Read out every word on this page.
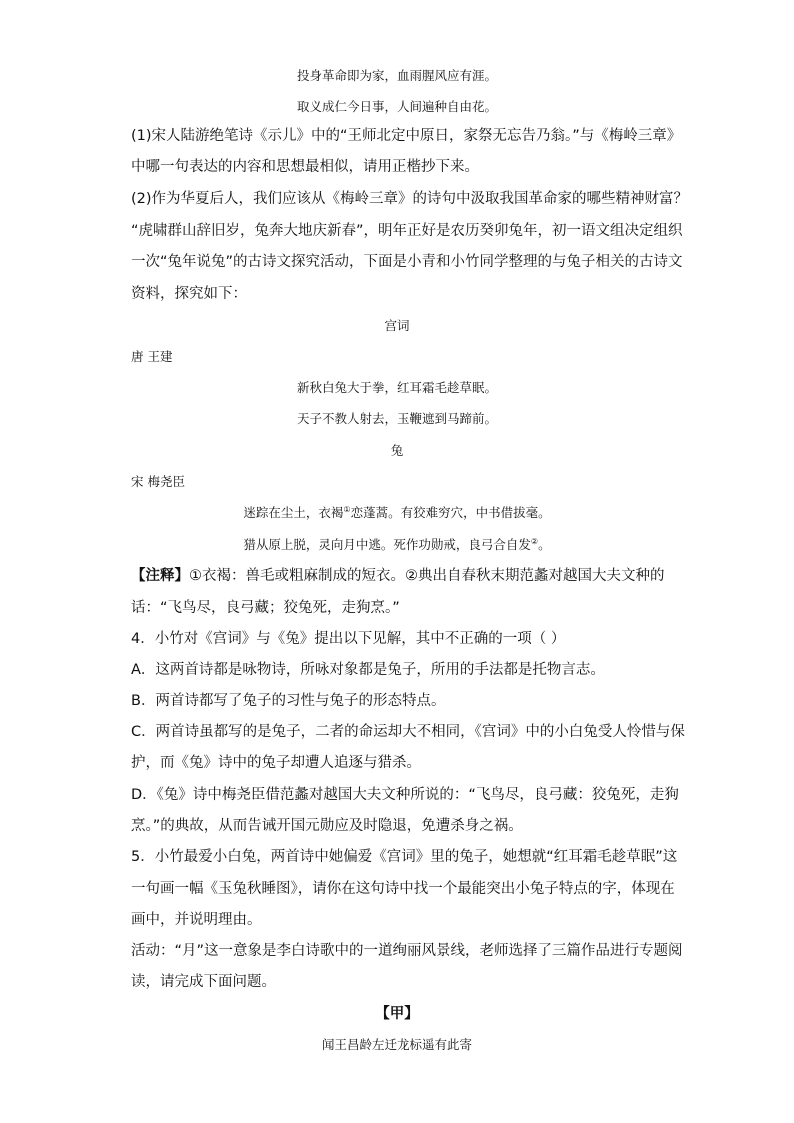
投身革命即为家，血雨腥风应有涯。
取义成仁今日事，人间遍种自由花。
(1)宋人陆游绝笔诗《示儿》中的“王师北定中原日，家祭无忘告乃翁。”与《梅岭三章》
中哪一句表达的内容和思想最相似，请用正楷抄下来。
(2)作为华夏后人，我们应该从《梅岭三章》的诗句中汲取我国革命家的哪些精神财富？
“虎啸群山辞旧岁，兔奔大地庆新春”，明年正好是农历癸卯兔年，初一语文组决定组织
一次“兔年说兔”的古诗文探究活动，下面是小青和小竹同学整理的与兔子相关的古诗文
资料，探究如下：
宫词
唐 王建
新秋白兔大于拳，红耳霜毛趁草眠。
天子不教人射去，玉鞭遮到马蹄前。
兔
宋 梅尧臣
迷踪在尘土，衣褐①恋蓬蒿。有狡难穷穴，中书借拔毫。
猎从原上脱，灵向月中逃。死作功勋戒，良弓合自发②。
【注释】①衣褐：兽毛或粗麻制成的短衣。②典出自春秋末期范蠡对越国大夫文种的
话：“飞鸟尽，良弓藏；狡兔死，走狗烹。”
4．小竹对《宫词》与《兔》提出以下见解，其中不正确的一项（ ）
A．这两首诗都是咏物诗，所咏对象都是兔子，所用的手法都是托物言志。
B．两首诗都写了兔子的习性与兔子的形态特点。
C．两首诗虽都写的是兔子，二者的命运却大不相同，《宫词》中的小白兔受人怜惜与保
护，而《兔》诗中的兔子却遭人追逐与猎杀。
D．《兔》诗中梅尧臣借范蠡对越国大夫文种所说的：“飞鸟尽，良弓藏：狡兔死，走狗
烹。”的典故，从而告诫开国元勋应及时隐退，免遭杀身之祸。
5．小竹最爱小白兔，两首诗中她偏爱《宫词》里的兔子，她想就“红耳霜毛趁草眠”这
一句画一幅《玉兔秋睡图》，请你在这句诗中找一个最能突出小兔子特点的字，体现在
画中，并说明理由。
活动：“月”这一意象是李白诗歌中的一道绚丽风景线，老师选择了三篇作品进行专题阅
读，请完成下面问题。
【甲】
闻王昌龄左迁龙标遥有此寄
